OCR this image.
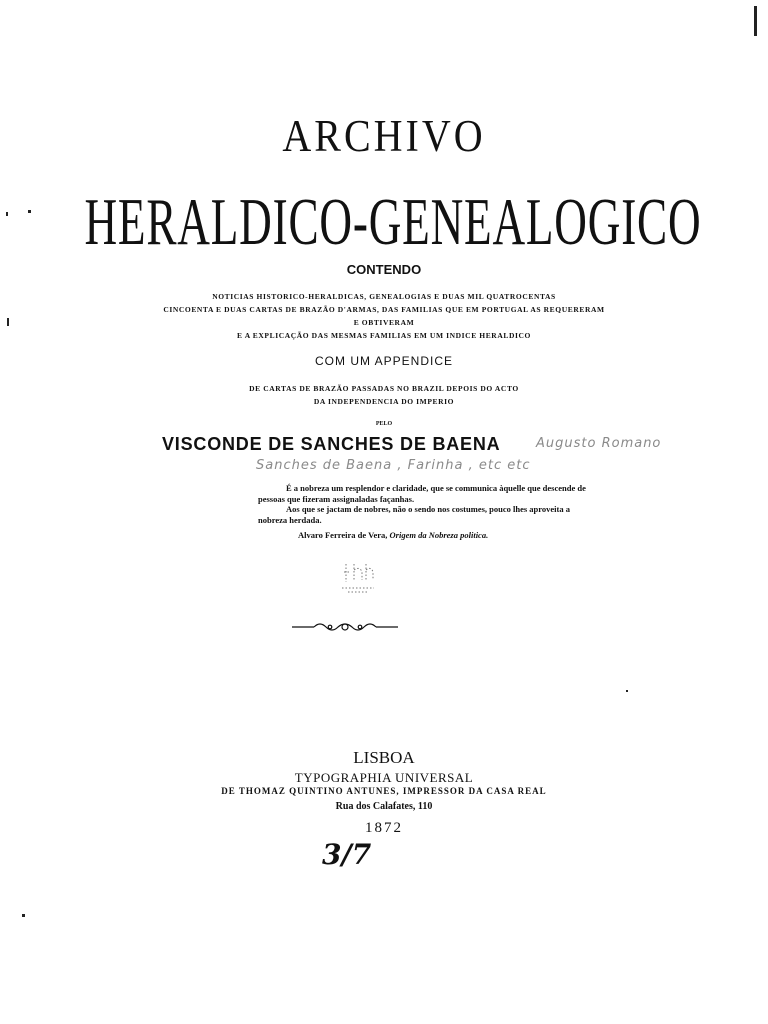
ARCHIVO
HERALDICO-GENEALOGICO
CONTENDO
NOTICIAS HISTORICO-HERALDICAS, GENEALOGIAS E DUAS MIL QUATROCENTAS
CINCOENTA E DUAS CARTAS DE BRAZÃO D'ARMAS, DAS FAMILIAS QUE EM PORTUGAL AS REQUERERAM
E OBTIVERAM
E A EXPLICAÇÃO DAS MESMAS FAMILIAS EM UM INDICE HERALDICO
COM UM APPENDICE
DE CARTAS DE BRAZÃO PASSADAS NO BRAZIL DEPOIS DO ACTO
DA INDEPENDENCIA DO IMPERIO
PELO
VISCONDE DE SANCHES DE BAENA	Augusto Romano
Sanches de Baena , Farinha , etc etc

É a nobreza um resplendor e claridade, que se communica àquelle que descende de

pessoas que fizeram assignaladas façanhas.

Aos que se jactam de nobres, não o sendo nos costumes, pouco lhes aproveita a

nobreza herdada.

Alvaro Ferreira de Vera, Origem da Nobreza politica.
LISBOA
TYPOGRAPHIA UNIVERSAL
DE THOMAZ QUINTINO ANTUNES, IMPRESSOR DA CASA REAL
Rua dos Calafates, 110
1872
3/7
